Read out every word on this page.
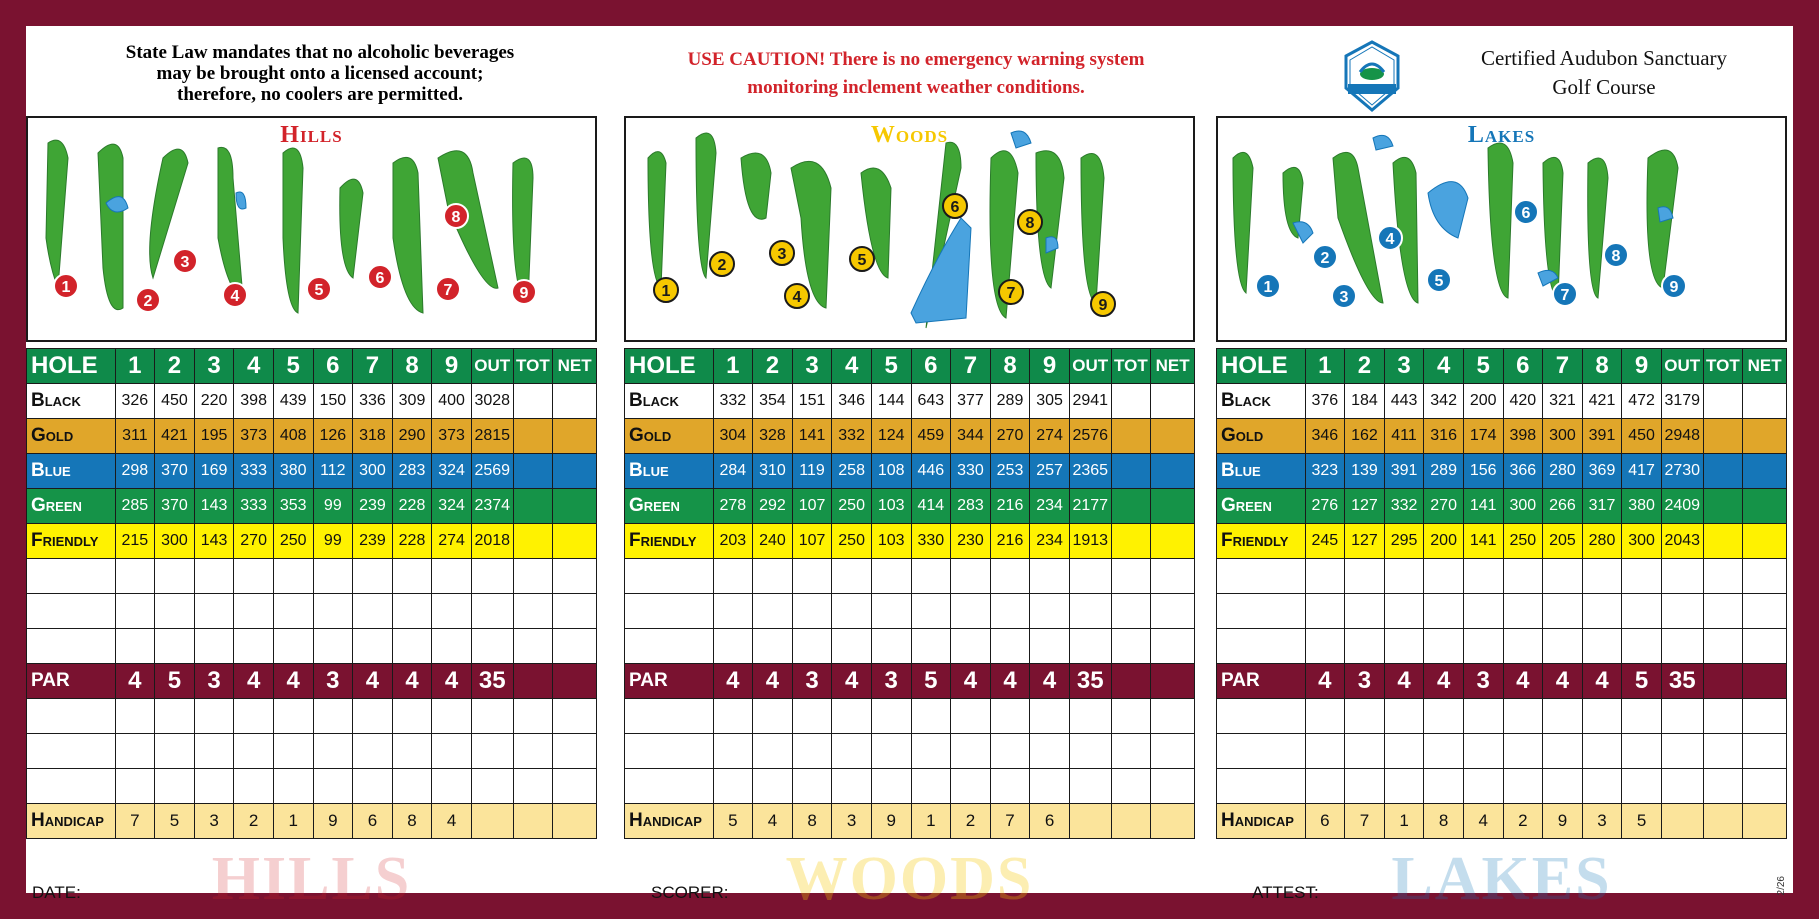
State Law mandates that no alcoholic beverages
may be brought onto a licensed account;
therefore, no coolers are permitted.
USE CAUTION! There is no emergency warning system
monitoring inclement weather conditions.
Certified Audubon Sanctuary
Golf Course
1
2
3
4	5
6
7
8
9
Hills
HOLE	1	2	3	4	5	6	7	8	9	OUT	TOT	NET
Black	326	450	220	398	439	150	336	309	400	3028		
Gold	311	421	195	373	408	126	318	290	373	2815		
Blue	298	370	169	333	380	112	300	283	324	2569		
Green	285	370	143	333	353	99	239	228	324	2374		
Friendly	215	300	143	270	250	99	239	228	274	2018		

PAR	4	5	3	4	4	3	4	4	4	35		

Handicap	7	5	3	2	1	9	6	8	4			
HILLS
1
2
3
4
5
6
7
8
9
Woods
HOLE	1	2	3	4	5	6	7	8	9	OUT	TOT	NET
Black	332	354	151	346	144	643	377	289	305	2941		
Gold	304	328	141	332	124	459	344	270	274	2576		
Blue	284	310	119	258	108	446	330	253	257	2365		
Green	278	292	107	250	103	414	283	216	234	2177		
Friendly	203	240	107	250	103	330	230	216	234	1913		

PAR	4	4	3	4	3	5	4	4	4	35		

Handicap	5	4	8	3	9	1	2	7	6			
WOODS
1
2
3
4
5
6
7
8
9
Lakes
HOLE	1	2	3	4	5	6	7	8	9	OUT	TOT	NET
Black	376	184	443	342	200	420	321	421	472	3179		
Gold	346	162	411	316	174	398	300	391	450	2948		
Blue	323	139	391	289	156	366	280	369	417	2730		
Green	276	127	332	270	141	300	266	317	380	2409		
Friendly	245	127	295	200	141	250	205	280	300	2043		

PAR	4	3	4	4	3	4	4	4	5	35		

Handicap	6	7	1	8	4	2	9	3	5			
LAKES
DATE:	SCORER:	ATTEST:	2/26
